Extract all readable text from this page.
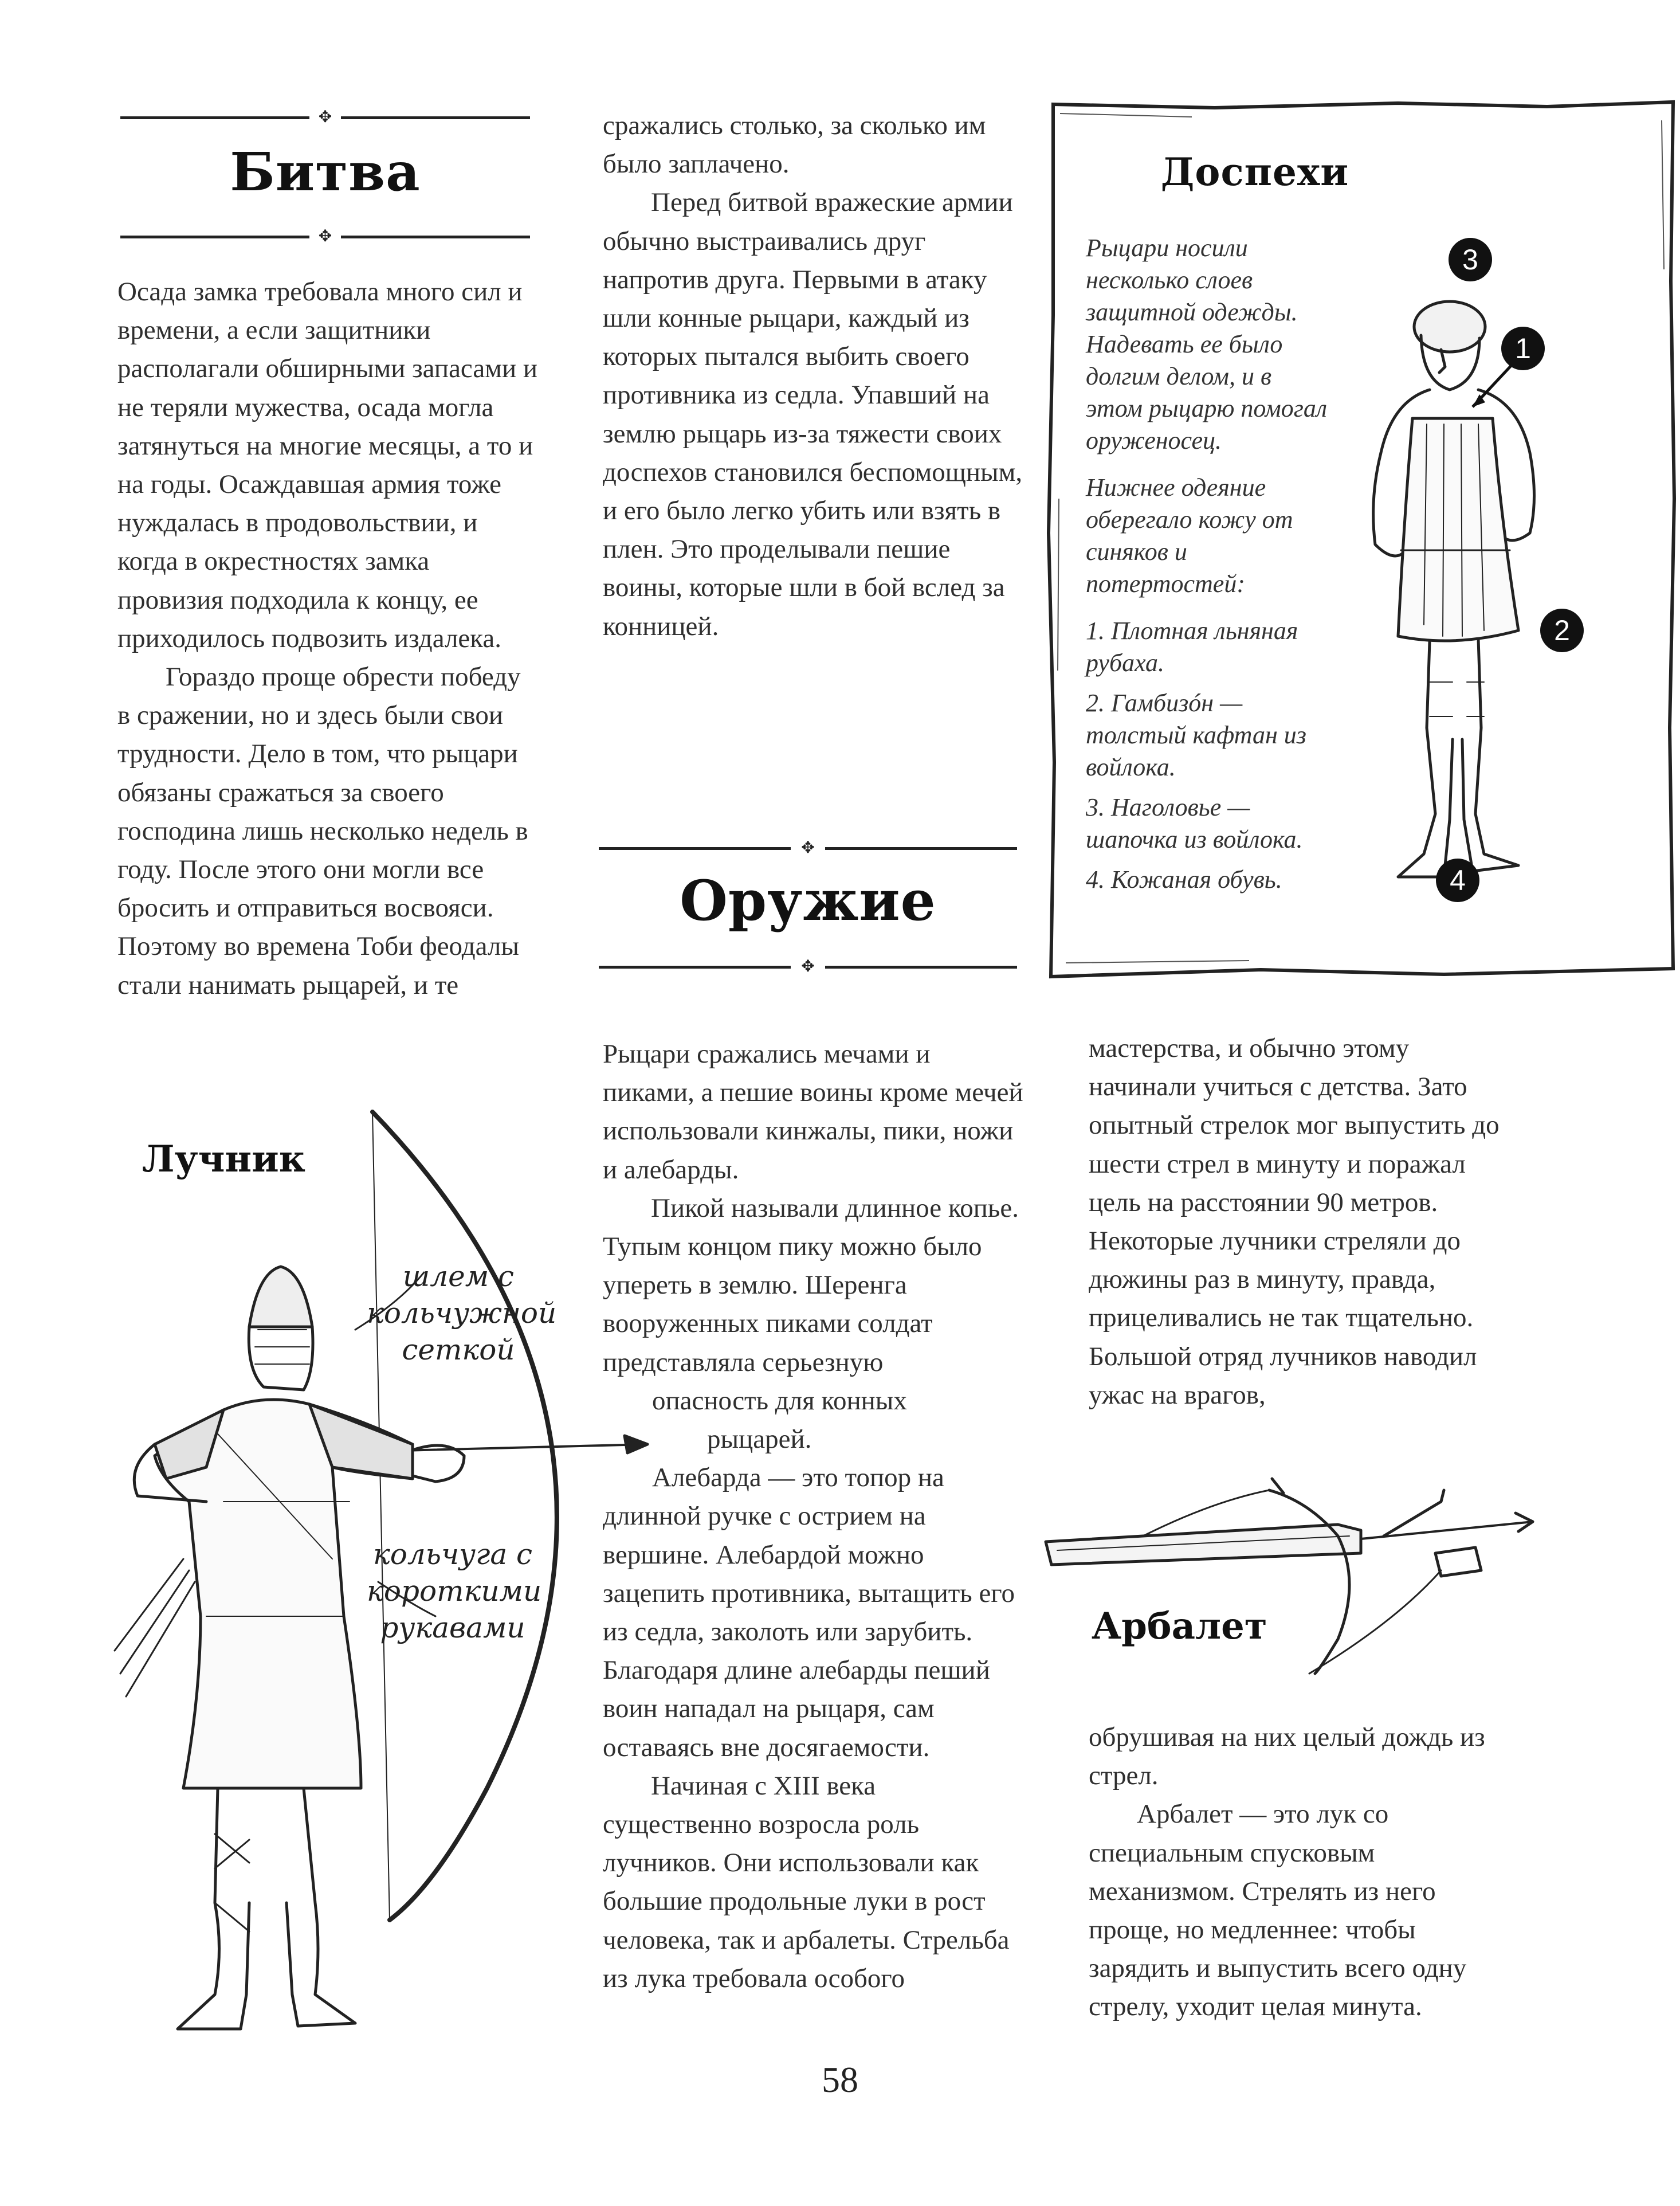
✥
Битва
✥

Осада замка требовала много сил и времени, а если защитники располагали обширными запасами и не теряли мужества, осада могла затянуться на многие месяцы, а то и на годы. Осаждавшая армия тоже нуждалась в продовольствии, и когда в окрестностях замка провизия подходила к концу, ее приходилось подвозить издалека.

Гораздо проще обрести победу в сражении, но и здесь были свои трудности. Дело в том, что рыцари обязаны сражаться за своего господина лишь несколько недель в году. После этого они могли все бросить и отправиться восвояси. Поэтому во времена Тоби феодалы стали нанимать рыцарей, и те

сражались столько, за сколько им было заплачено.

Перед битвой вражеские армии обычно выстраивались друг напротив друга. Первыми в атаку шли конные рыцари, каждый из которых пытался выбить своего противника из седла. Упавший на землю рыцарь из-за тяжести своих доспехов становился беспомощным, и его было легко убить или взять в плен. Это проделывали пешие воины, которые шли в бой вслед за конницей.

Доспехи

Рыцари носили несколько слоев защитной одежды. Надевать ее было долгим делом, и в этом рыцарю помогал оруженосец.

Нижнее одеяние оберегало кожу от синяков и потертостей:

1. Плотная льняная рубаха.

2. Гамбизóн — толстый кафтан из войлока.

3. Наголовье — шапочка из войлока.

4. Кожаная обувь.

3
1
2
4
✥
Оружие
✥

Рыцари сражались мечами и пиками, а пешие воины кроме мечей использовали кинжалы, пики, ножи и алебарды.

Пикой называли длинное копье. Тупым концом пику можно было упереть в землю. Шеренга вооруженных пиками солдат представляла серьезную

опасность для конных

рыцарей.

Алебарда — это топор на длинной ручке с острием на вершине. Алебардой можно зацепить противника, вытащить его из седла, заколоть или зарубить. Благодаря длине алебарды пеший воин нападал на рыцаря, сам оставаясь вне досягаемости.

Начиная с XIII века существенно возросла роль лучников. Они использовали как большие продольные луки в рост человека, так и арбалеты. Стрельба из лука требовала особого

мастерства, и обычно этому начинали учиться с детства. Зато опытный стрелок мог выпустить до шести стрел в минуту и поражал цель на расстоянии 90 метров. Некоторые лучники стреляли до дюжины раз в минуту, правда, прицеливались не так тщательно. Большой отряд лучников наводил ужас на врагов,

Арбалет

обрушивая на них целый дождь из стрел.

Арбалет — это лук со специальным спусковым механизмом. Стрелять из него проще, но медленнее: чтобы зарядить и выпустить всего одну стрелу, уходит целая минута.

Лучник
шлем с кольчужной сеткой
кольчуга с короткими рукавами
58
